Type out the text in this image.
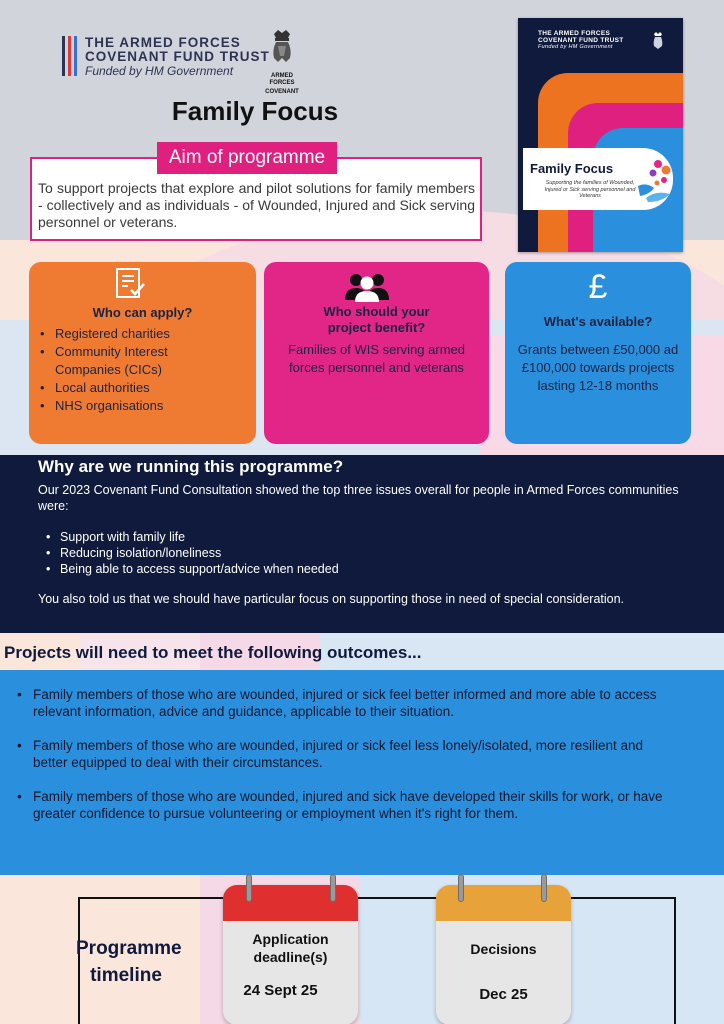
THE ARMED FORCES
COVENANT FUND TRUST
Funded by HM Government	ARMED FORCES
COVENANT
Family Focus
Aim of programme
To support projects that explore and pilot solutions for family members - collectively and as individuals - of Wounded, Injured and Sick serving personnel or veterans.
THE ARMED FORCES
COVENANT FUND TRUST
Funded by HM Government
Family Focus
Supporting the families of Wounded, Injured or Sick serving personnel and Veterans
Who can apply?
• Registered charities
• Community Interest
Companies (CICs)
• Local authorities
• NHS organisations
Who should your
project benefit?
Families of WIS serving armed forces personnel and veterans
£
What's available?
Grants between £50,000 ad £100,000 towards projects lasting 12-18 months
Why are we running this programme?
Our 2023 Covenant Fund Consultation showed the top three issues overall for people in Armed Forces communities were:
• Support with family life
• Reducing isolation/loneliness
• Being able to access support/advice when needed
You also told us that we should have particular focus on supporting those in need of special consideration.
Projects will need to meet the following outcomes...
• Family members of those who are wounded, injured or sick feel better informed and more able to access relevant information, advice and guidance, applicable to their situation.
• Family members of those who are wounded, injured or sick feel less lonely/isolated, more resilient and better equipped to deal with their circumstances.
• Family members of those who are wounded, injured and sick have developed their skills for work, or have greater confidence to pursue volunteering or employment when it's right for them.
Programme
timeline
Application
deadline(s)
24 Sept 25
Decisions
Dec 25
